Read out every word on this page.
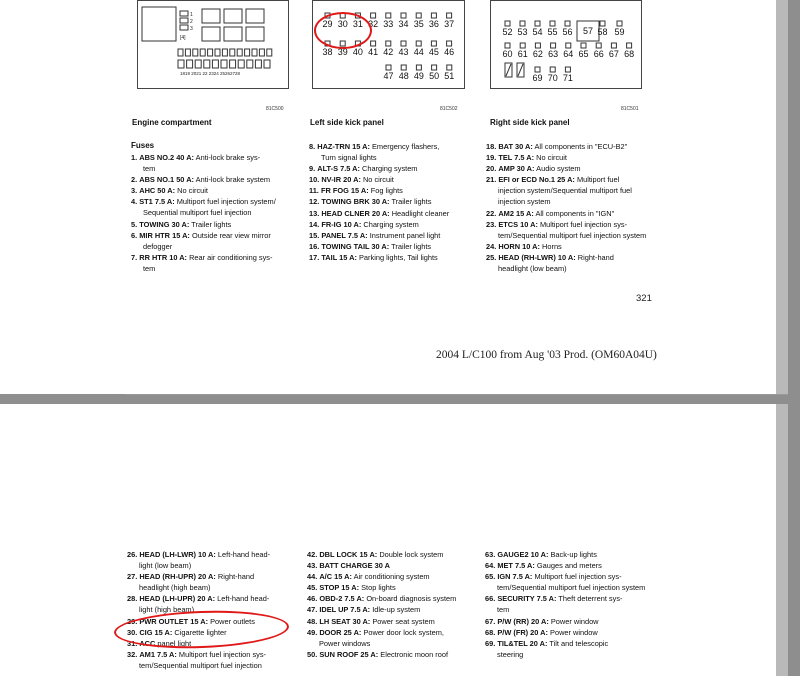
1
2
3
[4]
1819 2021 22 2324 25262728
81C500
Engine compartment
29 30 31 32 33 34 35 36 37
38 39 40 41 42 43 44 45 46
47 48 49 50 51
81C502
Left side kick panel
52 53 54 55 56 57 58 59
60 61 62 63 64 65 66 67 68
69 70 71
81C501
Right side kick panel
Fuses
1. ABS NO.2 40 A: Anti-lock brake sys-
tem
2. ABS NO.1 50 A: Anti-lock brake system
3. AHC 50 A: No circuit
4. ST1 7.5 A: Multiport fuel injection system/
Sequential multiport fuel injection
5. TOWING 30 A: Trailer lights
6. MIR HTR 15 A: Outside rear view mirror
defogger
7. RR HTR 10 A: Rear air conditioning sys-
tem
8. HAZ-TRN 15 A: Emergency flashers,
Turn signal lights
9. ALT-S 7.5 A: Charging system
10. NV-IR 20 A: No circuit
11. FR FOG 15 A: Fog lights
12. TOWING BRK 30 A: Trailer lights
13. HEAD CLNER 20 A: Headlight cleaner
14. FR-IG 10 A: Charging system
15. PANEL 7.5 A: Instrument panel light
16. TOWING TAIL 30 A: Trailer lights
17. TAIL 15 A: Parking lights, Tail lights
18. BAT 30 A: All components in "ECU-B2"
19. TEL 7.5 A: No circuit
20. AMP 30 A: Audio system
21. EFI or ECD No.1 25 A: Multiport fuel
injection system/Sequential multiport fuel injection system
22. AM2 15 A: All components in "IGN"
23. ETCS 10 A: Multiport fuel injection sys-
tem/Sequential multiport fuel injection system
24. HORN 10 A: Horns
25. HEAD (RH-LWR) 10 A: Right-hand
headlight (low beam)
321
2004 L/C100 from Aug '03 Prod. (OM60A04U)
26. HEAD (LH-LWR) 10 A: Left-hand head-
light (low beam)
27. HEAD (RH-UPR) 20 A: Right-hand
headlight (high beam)
28. HEAD (LH-UPR) 20 A: Left-hand head-
light (high beam)
29. PWR OUTLET 15 A: Power outlets
30. CIG 15 A: Cigarette lighter
31. ACC panel light
32. AM1 7.5 A: Multiport fuel injection sys-
tem/Sequential multiport fuel injection
42. DBL LOCK 15 A: Double lock system
43. BATT CHARGE 30 A
44. A/C 15 A: Air conditioning system
45. STOP 15 A: Stop lights
46. OBD-2 7.5 A: On-board diagnosis system
47. IDEL UP 7.5 A: Idle-up system
48. LH SEAT 30 A: Power seat system
49. DOOR 25 A: Power door lock system,
Power windows
50. SUN ROOF 25 A: Electronic moon roof
63. GAUGE2 10 A: Back-up lights
64. MET 7.5 A: Gauges and meters
65. IGN 7.5 A: Multiport fuel injection sys-
tem/Sequential multiport fuel injection system
66. SECURITY 7.5 A: Theft deterrent sys-
tem
67. P/W (RR) 20 A: Power window
68. P/W (FR) 20 A: Power window
69. TIL&TEL 20 A: Tilt and telescopic
steering
